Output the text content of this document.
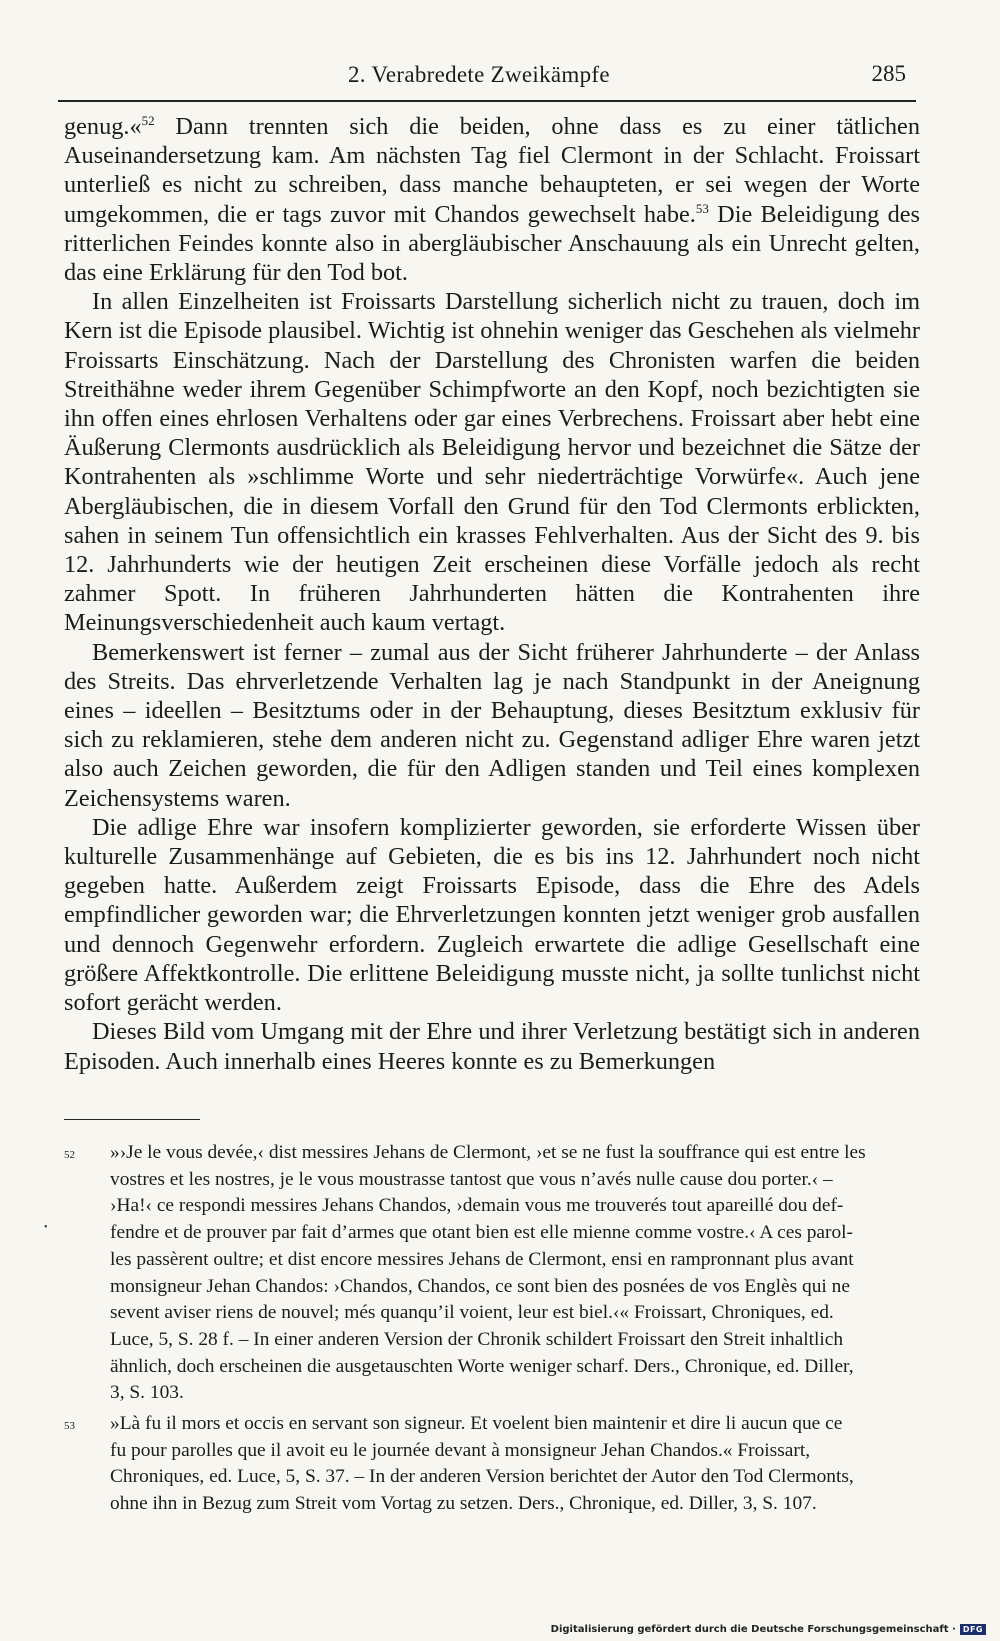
2. Verabredete Zweikämpfe	285

genug.«$^{52}$ Dann trennten sich die beiden, ohne dass es zu einer tätlichen Auseinandersetzung kam. Am nächsten Tag fiel Clermont in der Schlacht. Froissart unterließ es nicht zu schreiben, dass manche behaupteten, er sei wegen der Worte umgekommen, die er tags zuvor mit Chandos gewechselt habe.$^{53}$ Die Beleidigung des ritterlichen Feindes konnte also in abergläubischer Anschauung als ein Unrecht gelten, das eine Erklärung für den Tod bot.

In allen Einzelheiten ist Froissarts Darstellung sicherlich nicht zu trauen, doch im Kern ist die Episode plausibel. Wichtig ist ohnehin weniger das Geschehen als vielmehr Froissarts Einschätzung. Nach der Darstellung des Chronisten warfen die beiden Streithähne weder ihrem Gegenüber Schimpfworte an den Kopf, noch bezichtigten sie ihn offen eines ehrlosen Verhaltens oder gar eines Verbrechens. Froissart aber hebt eine Äußerung Clermonts ausdrücklich als Beleidigung hervor und bezeichnet die Sätze der Kontrahenten als »schlimme Worte und sehr niederträchtige Vorwürfe«. Auch jene Abergläubischen, die in diesem Vorfall den Grund für den Tod Clermonts erblickten, sahen in seinem Tun offensichtlich ein krasses Fehlverhalten. Aus der Sicht des 9. bis 12. Jahrhunderts wie der heutigen Zeit erscheinen diese Vorfälle jedoch als recht zahmer Spott. In früheren Jahrhunderten hätten die Kontrahenten ihre Meinungsverschiedenheit auch kaum vertagt.

Bemerkenswert ist ferner – zumal aus der Sicht früherer Jahrhunderte – der Anlass des Streits. Das ehrverletzende Verhalten lag je nach Standpunkt in der Aneignung eines – ideellen – Besitztums oder in der Behauptung, dieses Besitztum exklusiv für sich zu reklamieren, stehe dem anderen nicht zu. Gegenstand adliger Ehre waren jetzt also auch Zeichen geworden, die für den Adligen standen und Teil eines komplexen Zeichensystems waren.

Die adlige Ehre war insofern komplizierter geworden, sie erforderte Wissen über kulturelle Zusammenhänge auf Gebieten, die es bis ins 12. Jahrhundert noch nicht gegeben hatte. Außerdem zeigt Froissarts Episode, dass die Ehre des Adels empfindlicher geworden war; die Ehrverletzungen konnten jetzt weniger grob ausfallen und dennoch Gegenwehr erfordern. Zugleich erwartete die adlige Gesellschaft eine größere Affektkontrolle. Die erlittene Beleidigung musste nicht, ja sollte tunlichst nicht sofort gerächt werden.

Dieses Bild vom Umgang mit der Ehre und ihrer Verletzung bestätigt sich in anderen Episoden. Auch innerhalb eines Heeres konnte es zu Bemerkungen

•
52	»›Je le vous devée,‹ dist messires Jehans de Clermont, ›et se ne fust la souffrance qui est entre les
vostres et les nostres, je le vous moustrasse tantost que vous n’avés nulle cause dou porter.‹ –
›Ha!‹ ce respondi messires Jehans Chandos, ›demain vous me trouverés tout apareillé dou def-
fendre et de prouver par fait d’armes que otant bien est elle mienne comme vostre.‹ A ces parol-
les passèrent oultre; et dist encore messires Jehans de Clermont, ensi en rampronnant plus avant
monsigneur Jehan Chandos: ›Chandos, Chandos, ce sont bien des posnées de vos Englès qui ne
sevent aviser riens de nouvel; més quanqu’il voient, leur est biel.‹« Froissart, Chroniques, ed.
Luce, 5, S. 28 f. – In einer anderen Version der Chronik schildert Froissart den Streit inhaltlich
ähnlich, doch erscheinen die ausgetauschten Worte weniger scharf. Ders., Chronique, ed. Diller,
3, S. 103.
53	»Là fu il mors et occis en servant son signeur. Et voelent bien maintenir et dire li aucun que ce
fu pour parolles que il avoit eu le journée devant à monsigneur Jehan Chandos.« Froissart,
Chroniques, ed. Luce, 5, S. 37. – In der anderen Version berichtet der Autor den Tod Clermonts,
ohne ihn in Bezug zum Streit vom Vortag zu setzen. Ders., Chronique, ed. Diller, 3, S. 107.
Digitalisierung gefördert durch die Deutsche Forschungsgemeinschaft · DFG
